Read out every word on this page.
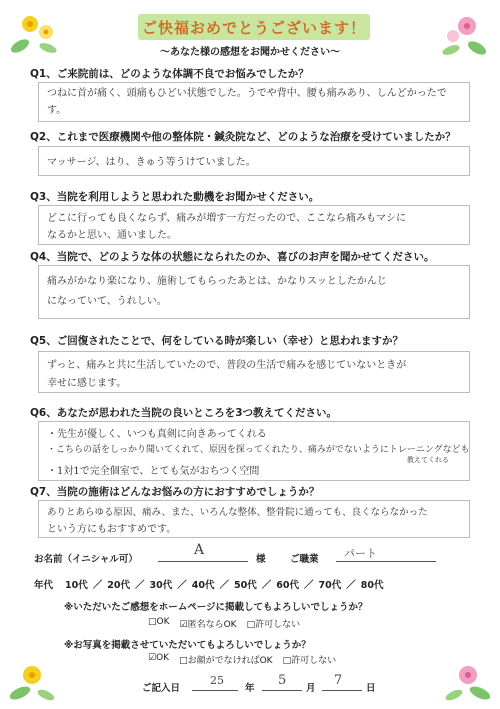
ご快福おめでとうございます！
～あなた様の感想をお聞かせください～
Q1、ご来院前は、どのような体調不良でお悩みでしたか？
つねに首が痛く、頭痛もひどい状態でした。うでや背中、腰も痛みあり、しんどかったです。
Q2、これまで医療機関や他の整体院・鍼灸院など、どのような治療を受けていましたか？
マッサージ、はり、きゅう等うけていました。
Q3、当院を利用しようと思われた動機をお聞かせください。
どこに行っても良くならず、痛みが増す一方だったので、ここなら痛みもマシに
なるかと思い、通いました。
Q4、当院で、どのような体の状態になられたのか、喜びのお声を聞かせてください。
痛みがかなり楽になり、施術してもらったあとは、かなりスッとしたかんじ
になっていて、うれしい。
Q5、ご回復されたことで、何をしている時が楽しい（幸せ）と思われますか？
ずっと、痛みと共に生活していたので、普段の生活で痛みを感じていないときが
幸せに感じます。
Q6、あなたが思われた当院の良いところを3つ教えてください。
・先生が優しく、いつも真剣に向きあってくれる
・こちらの話をしっかり聞いてくれて、原因を探ってくれたり、痛みがでないようにトレーニングなども
教えてくれる
・1対1で完全個室で、とても気がおちつく空間
Q7、当院の施術はどんなお悩みの方におすすめでしょうか？
ありとあらゆる原因、痛み、また、いろんな整体、整骨院に通っても、良くならなかった
という方にもおすすめです。
お名前（イニシャル可）
A
様	ご職業 パート
年代 10代 ／ 20代 ／ 30代 ／ 40代 ／ 50代 ／ 60代 ／ 70代 ／ 80代
※いただいたご感想をホームページに掲載してもよろしいでしょうか？
□OK ☑匿名ならOK □許可しない
※お写真を掲載させていただいてもよろしいでしょうか？
☑OK □お顔がでなければOK □許可しない
ご記入日
25
年
5
月
7
日
